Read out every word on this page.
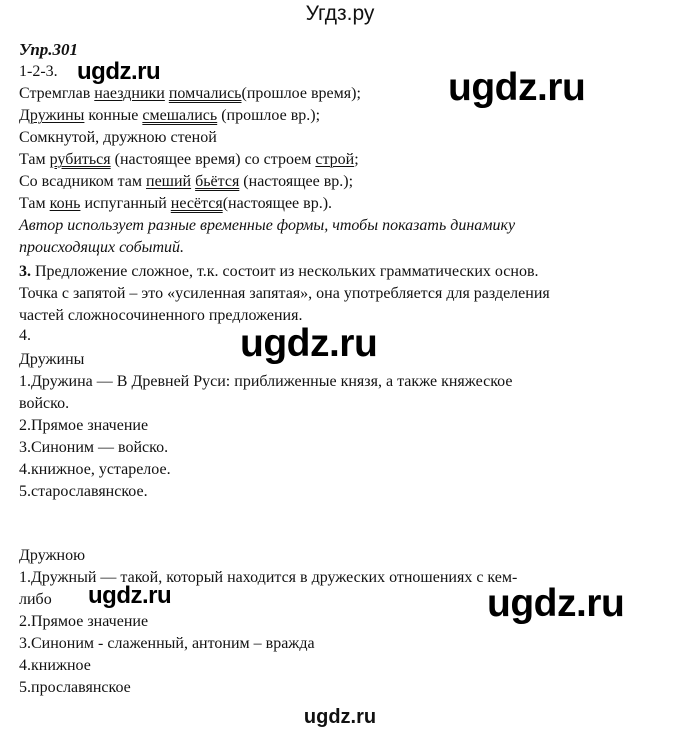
Угдз.ру
Упр.301
1-2-3.
Стремглав наездники помчались(прошлое время);
Дружины конные смешались (прошлое вр.);
Сомкнутой, дружною стеной
Там рубиться (настоящее время) со строем строй;
Со всадником там пеший бьётся (настоящее вр.);
Там конь испуганный несётся(настоящее вр.).
Автор использует разные временные формы, чтобы показать динамику
происходящих событий.
3. Предложение сложное, т.к. состоит из нескольких грамматических основ.
Точка с запятой – это «усиленная запятая», она употребляется для разделения
частей сложносочиненного предложения.
4.
Дружины
1.Дружина — В Древней Руси: приближенные князя, а также княжеское
войско.
2.Прямое значение
3.Синоним — войско.
4.книжное, устарелое.
5.старославянское.
Дружною
1.Дружный — такой, который находится в дружеских отношениях с кем-
либо
2.Прямое значение
3.Синоним - слаженный, антоним – вражда
4.книжное
5.прославянское
ugdz.ru	ugdz.ru
ugdz.ru
ugdz.ru	ugdz.ru
ugdz.ru
